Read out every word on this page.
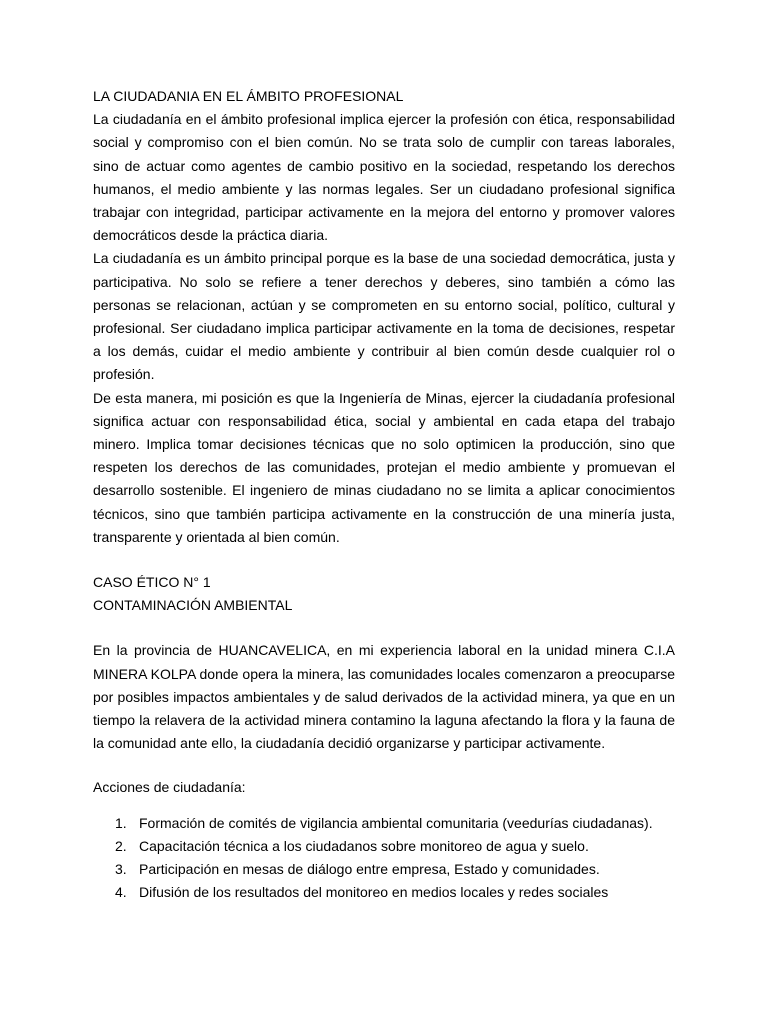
LA CIUDADANIA EN EL ÁMBITO PROFESIONAL

La ciudadanía en el ámbito profesional implica ejercer la profesión con ética, responsabilidad social y compromiso con el bien común. No se trata solo de cumplir con tareas laborales, sino de actuar como agentes de cambio positivo en la sociedad, respetando los derechos humanos, el medio ambiente y las normas legales. Ser un ciudadano profesional significa trabajar con integridad, participar activamente en la mejora del entorno y promover valores democráticos desde la práctica diaria.

La ciudadanía es un ámbito principal porque es la base de una sociedad democrática, justa y participativa. No solo se refiere a tener derechos y deberes, sino también a cómo las personas se relacionan, actúan y se comprometen en su entorno social, político, cultural y profesional. Ser ciudadano implica participar activamente en la toma de decisiones, respetar a los demás, cuidar el medio ambiente y contribuir al bien común desde cualquier rol o profesión.

De esta manera, mi posición es que la Ingeniería de Minas, ejercer la ciudadanía profesional significa actuar con responsabilidad ética, social y ambiental en cada etapa del trabajo minero. Implica tomar decisiones técnicas que no solo optimicen la producción, sino que respeten los derechos de las comunidades, protejan el medio ambiente y promuevan el desarrollo sostenible. El ingeniero de minas ciudadano no se limita a aplicar conocimientos técnicos, sino que también participa activamente en la construcción de una minería justa, transparente y orientada al bien común.

CASO ÉTICO N° 1

CONTAMINACIÓN AMBIENTAL

En la provincia de HUANCAVELICA, en mi experiencia laboral en la unidad minera C.I.A MINERA KOLPA donde opera la minera, las comunidades locales comenzaron a preocuparse por posibles impactos ambientales y de salud derivados de la actividad minera, ya que en un tiempo la relavera de la actividad minera contamino la laguna afectando la flora y la fauna de la comunidad ante ello, la ciudadanía decidió organizarse y participar activamente.

Acciones de ciudadanía:

1. Formación de comités de vigilancia ambiental comunitaria (veedurías ciudadanas).
2. Capacitación técnica a los ciudadanos sobre monitoreo de agua y suelo.
3. Participación en mesas de diálogo entre empresa, Estado y comunidades.
4. Difusión de los resultados del monitoreo en medios locales y redes sociales
